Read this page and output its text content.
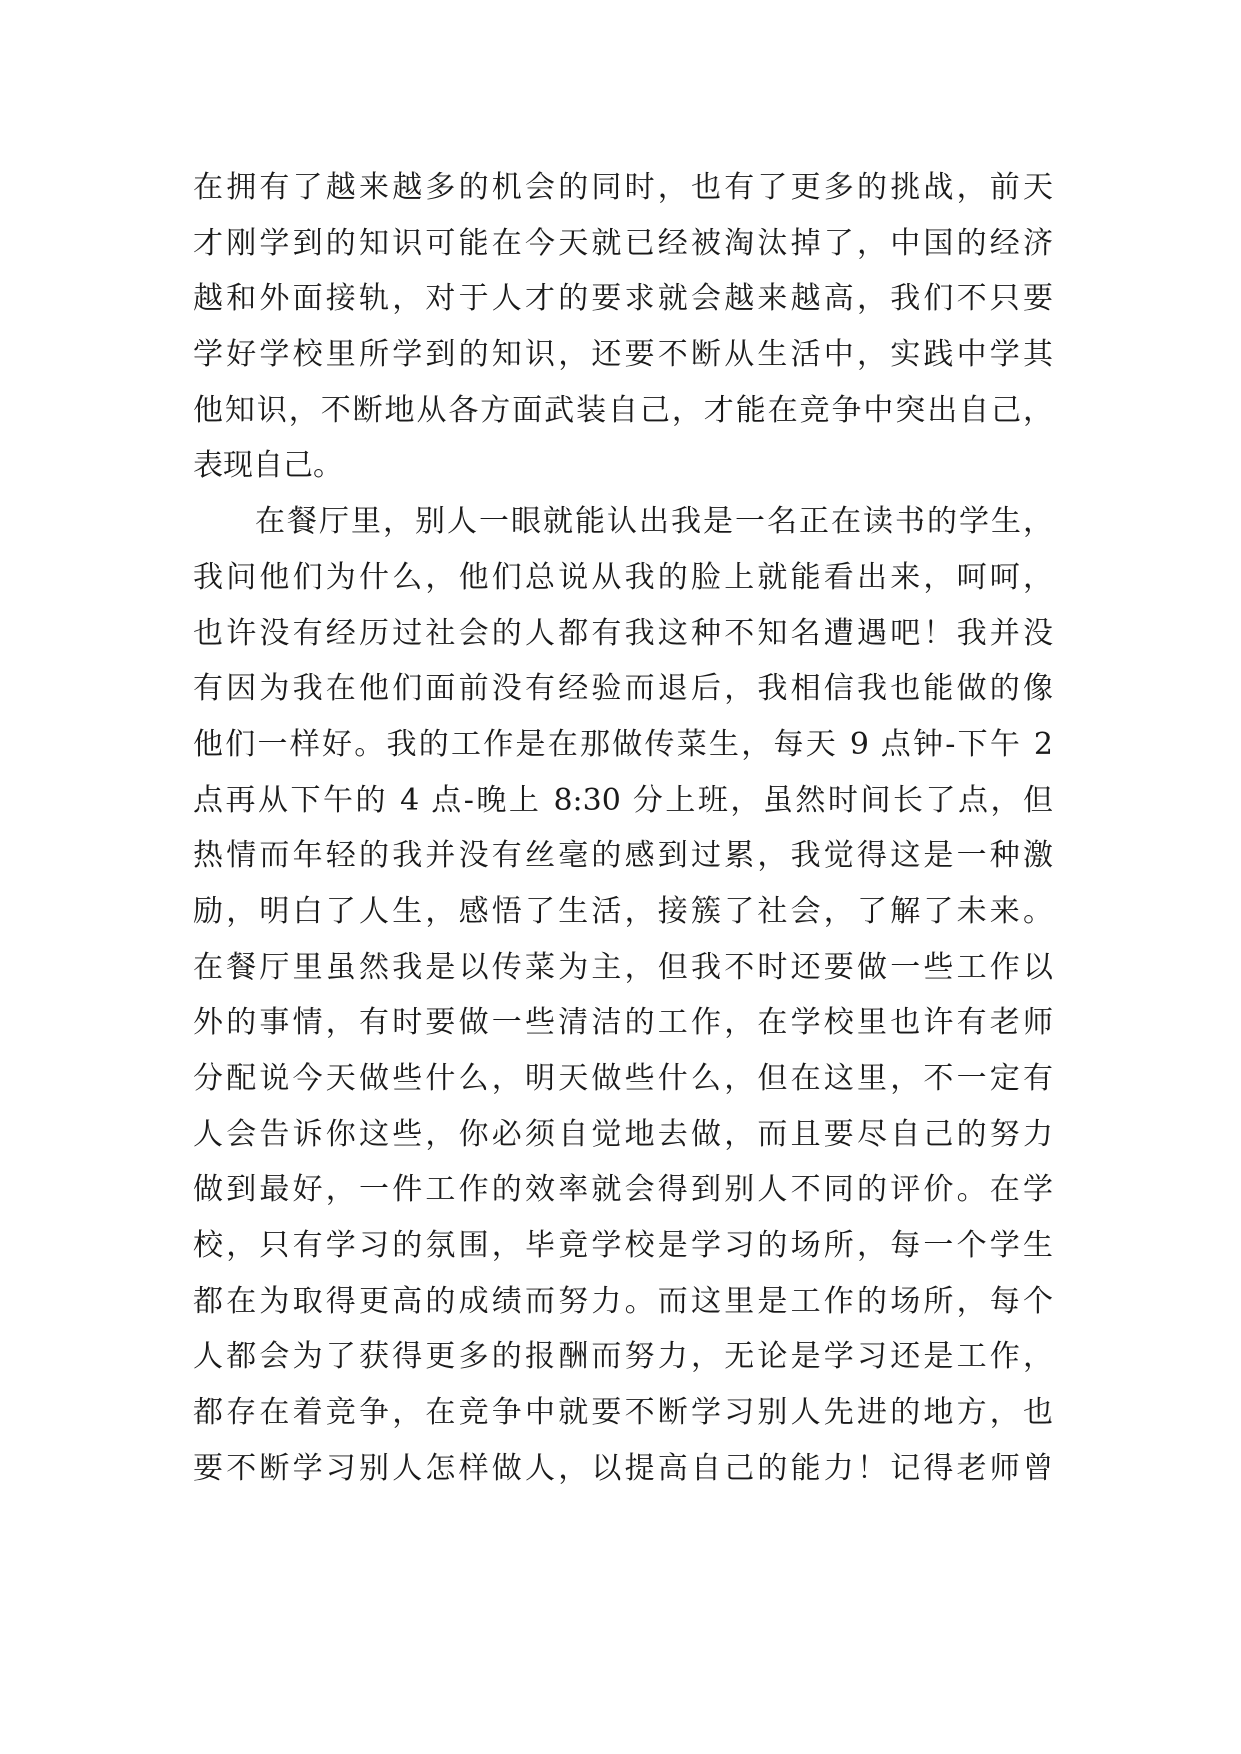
在拥有了越来越多的机会的同时，也有了更多的挑战，前天
才刚学到的知识可能在今天就已经被淘汰掉了，中国的经济
越和外面接轨，对于人才的要求就会越来越高，我们不只要
学好学校里所学到的知识，还要不断从生活中，实践中学其
他知识，不断地从各方面武装自己，才能在竞争中突出自己，
表现自己。
在餐厅里，别人一眼就能认出我是一名正在读书的学生，
我问他们为什么，他们总说从我的脸上就能看出来，呵呵，
也许没有经历过社会的人都有我这种不知名遭遇吧！我并没
有因为我在他们面前没有经验而退后，我相信我也能做的像
他们一样好。我的工作是在那做传菜生，每天 9 点钟-下午 2
点再从下午的 4 点-晚上 8:30 分上班，虽然时间长了点，但
热情而年轻的我并没有丝毫的感到过累，我觉得这是一种激
励，明白了人生，感悟了生活，接簇了社会，了解了未来。
在餐厅里虽然我是以传菜为主，但我不时还要做一些工作以
外的事情，有时要做一些清洁的工作，在学校里也许有老师
分配说今天做些什么，明天做些什么，但在这里，不一定有
人会告诉你这些，你必须自觉地去做，而且要尽自己的努力
做到最好，一件工作的效率就会得到别人不同的评价。在学
校，只有学习的氛围，毕竟学校是学习的场所，每一个学生
都在为取得更高的成绩而努力。而这里是工作的场所，每个
人都会为了获得更多的报酬而努力，无论是学习还是工作，
都存在着竞争，在竞争中就要不断学习别人先进的地方，也
要不断学习别人怎样做人，以提高自己的能力！记得老师曾
